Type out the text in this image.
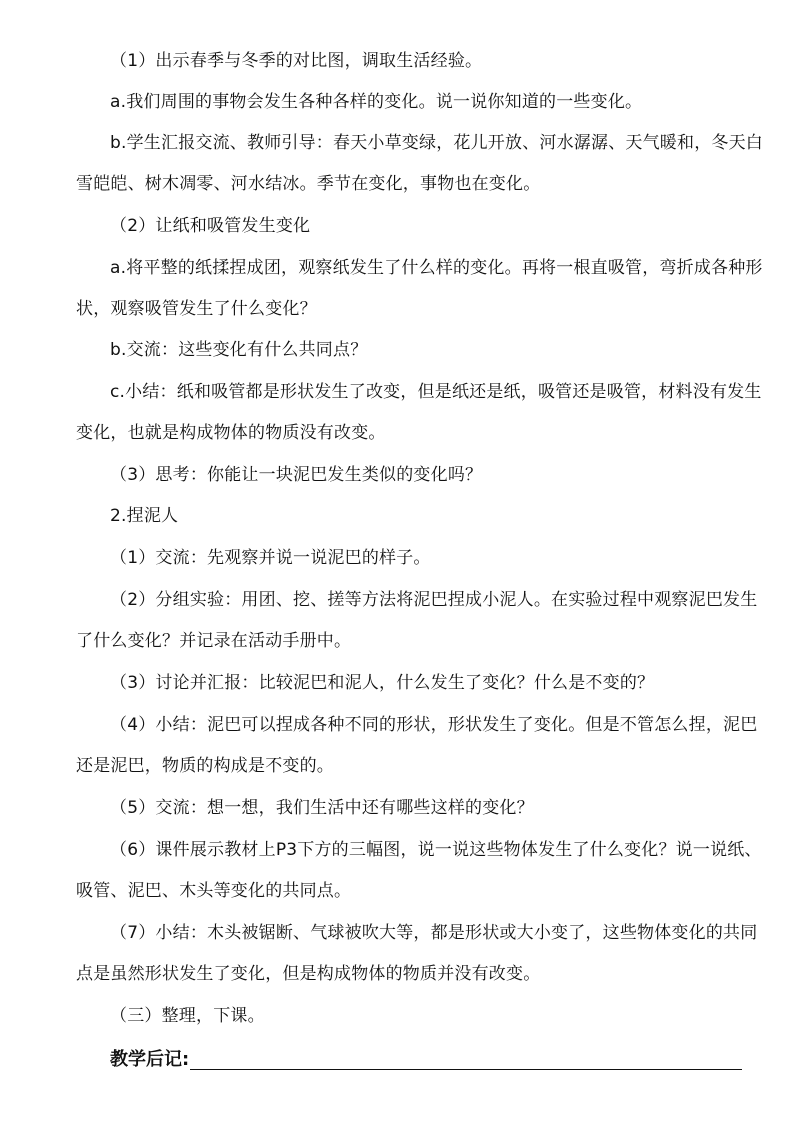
（1）出示春季与冬季的对比图，调取生活经验。

a.我们周围的事物会发生各种各样的变化。说一说你知道的一些变化。

b.学生汇报交流、教师引导：春天小草变绿，花儿开放、河水潺潺、天气暖和，冬天白雪皑皑、树木凋零、河水结冰。季节在变化，事物也在变化。

（2）让纸和吸管发生变化

a.将平整的纸揉捏成团，观察纸发生了什么样的变化。再将一根直吸管，弯折成各种形状，观察吸管发生了什么变化？

b.交流：这些变化有什么共同点？

c.小结：纸和吸管都是形状发生了改变，但是纸还是纸，吸管还是吸管，材料没有发生变化，也就是构成物体的物质没有改变。

（3）思考：你能让一块泥巴发生类似的变化吗？

2.捏泥人

（1）交流：先观察并说一说泥巴的样子。

（2）分组实验：用团、挖、搓等方法将泥巴捏成小泥人。在实验过程中观察泥巴发生了什么变化？并记录在活动手册中。

（3）讨论并汇报：比较泥巴和泥人，什么发生了变化？什么是不变的？

（4）小结：泥巴可以捏成各种不同的形状，形状发生了变化。但是不管怎么捏，泥巴还是泥巴，物质的构成是不变的。

（5）交流：想一想，我们生活中还有哪些这样的变化？

（6）课件展示教材上P3下方的三幅图，说一说这些物体发生了什么变化？说一说纸、吸管、泥巴、木头等变化的共同点。

（7）小结：木头被锯断、气球被吹大等，都是形状或大小变了，这些物体变化的共同点是虽然形状发生了变化，但是构成物体的物质并没有改变。

（三）整理，下课。

教学后记:
